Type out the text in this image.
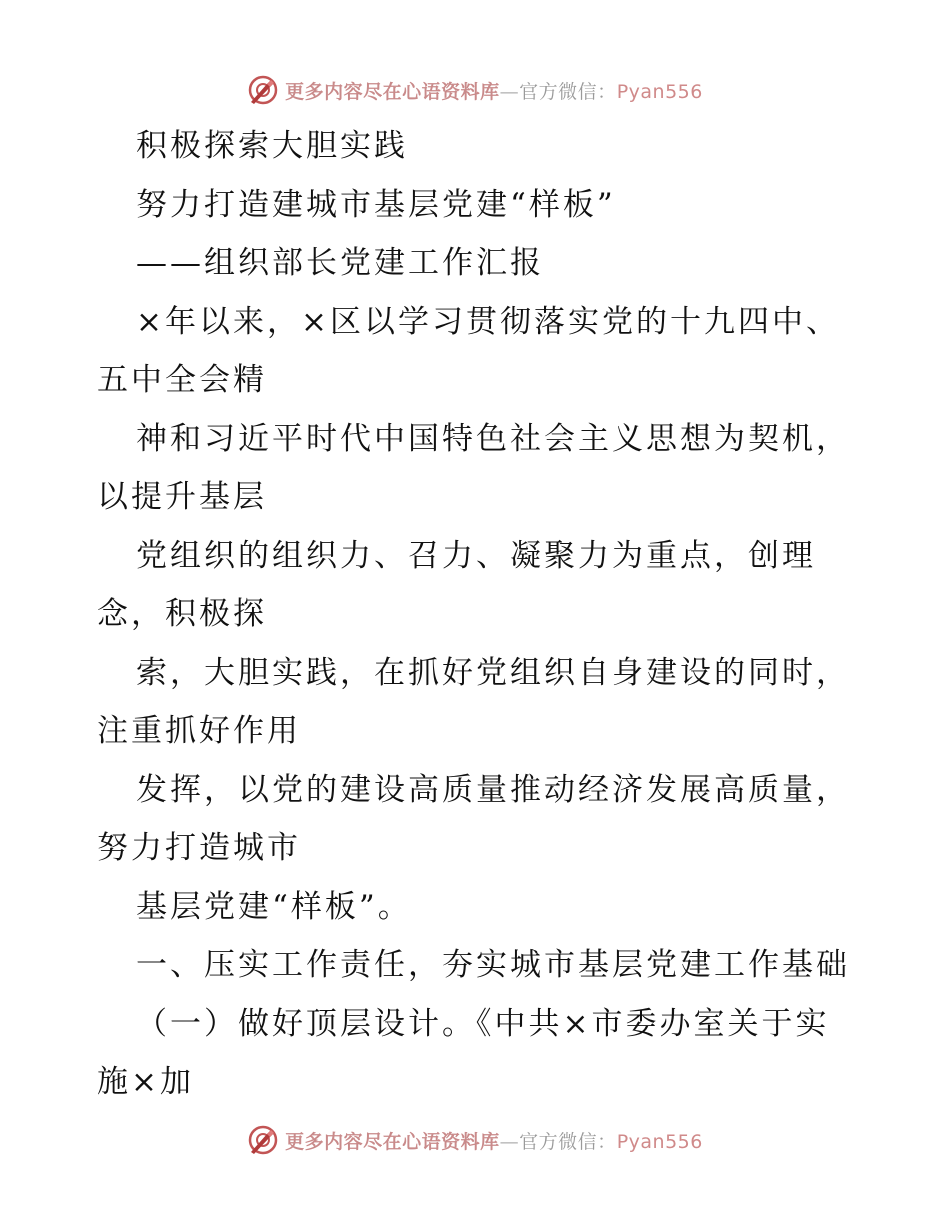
更多内容尽在心语资料库—官方微信：Pyan556
积极探索大胆实践
努力打造建城市基层党建“样板”
——组织部长党建工作汇报
×年以来，×区以学习贯彻落实党的十九四中、
五中全会精
神和习近平时代中国特色社会主义思想为契机，
以提升基层
党组织的组织力、召力、凝聚力为重点，创理
念，积极探
索，大胆实践，在抓好党组织自身建设的同时，
注重抓好作用
发挥，以党的建设高质量推动经济发展高质量，
努力打造城市
基层党建“样板”。
一、压实工作责任，夯实城市基层党建工作基础
（一）做好顶层设计。《中共×市委办室关于实
施×加
更多内容尽在心语资料库—官方微信：Pyan556
